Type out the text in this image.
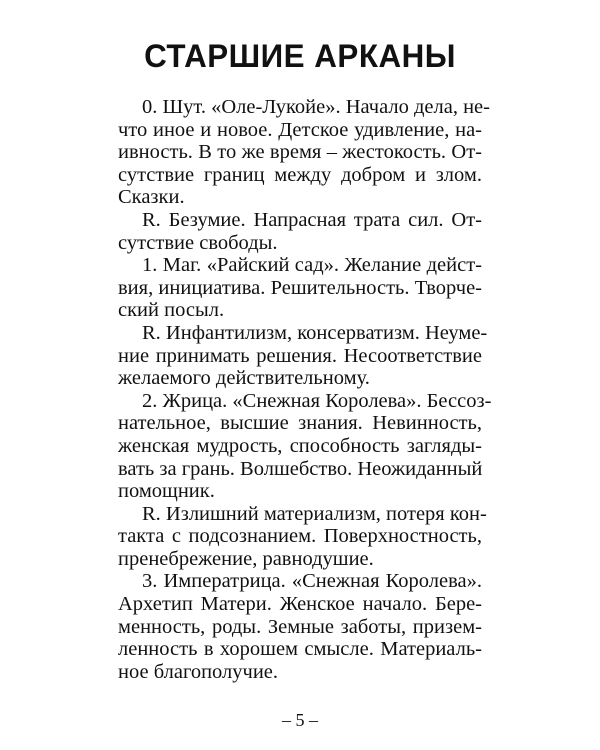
СТАРШИЕ АРКАНЫ
0. Шут. «Оле-Лукойе». Начало дела, не-
что иное и новое. Детское удивление, на-
ивность. В то же время – жестокость. От-
сутствие границ между добром и злом.
Сказки.
R. Безумие. Напрасная трата сил. От-
сутствие свободы.
1. Маг. «Райский сад». Желание дейст-
вия, инициатива. Решительность. Творче-
ский посыл.
R. Инфантилизм, консерватизм. Неуме-
ние принимать решения. Несоответствие
желаемого действительному.
2. Жрица. «Снежная Королева». Бессоз-
нательное, высшие знания. Невинность,
женская мудрость, способность загляды-
вать за грань. Волшебство. Неожиданный
помощник.
R. Излишний материализм, потеря кон-
такта с подсознанием. Поверхностность,
пренебрежение, равнодушие.
3. Императрица. «Снежная Королева».
Архетип Матери. Женское начало. Бере-
менность, роды. Земные заботы, призем-
ленность в хорошем смысле. Материаль-
ное благополучие.
– 5 –
